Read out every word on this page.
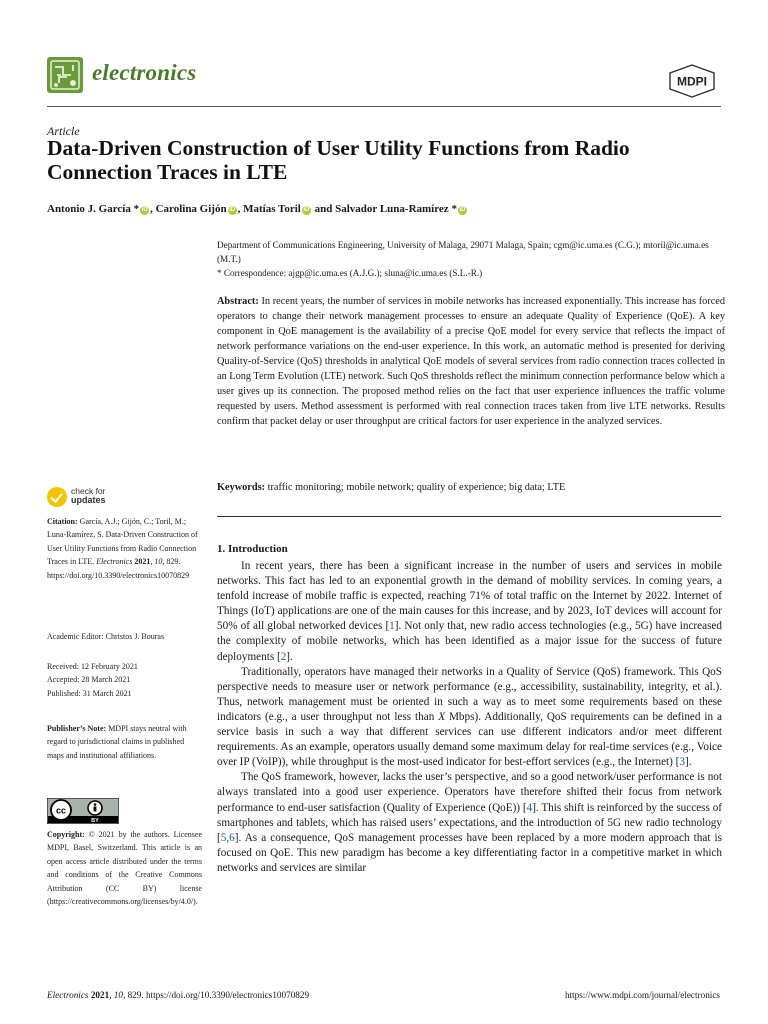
electronics	MDPI
Article
Data-Driven Construction of User Utility Functions from Radio Connection Traces in LTE
Antonio J. García * iD , Carolina Gijón iD , Matías Toril iD and Salvador Luna-Ramírez * iD
Department of Communications Engineering, University of Malaga, 29071 Malaga, Spain; cgm@ic.uma.es (C.G.); mtoril@ic.uma.es (M.T.)
* Correspondence: ajgp@ic.uma.es (A.J.G.); sluna@ic.uma.es (S.L.-R.)
Abstract: In recent years, the number of services in mobile networks has increased exponentially. This increase has forced operators to change their network management processes to ensure an adequate Quality of Experience (QoE). A key component in QoE management is the availability of a precise QoE model for every service that reflects the impact of network performance variations on the end-user experience. In this work, an automatic method is presented for deriving Quality-of-Service (QoS) thresholds in analytical QoE models of several services from radio connection traces collected in an Long Term Evolution (LTE) network. Such QoS thresholds reflect the minimum connection performance below which a user gives up its connection. The proposed method relies on the fact that user experience influences the traffic volume requested by users. Method assessment is performed with real connection traces taken from live LTE networks. Results confirm that packet delay or user throughput are critical factors for user experience in the analyzed services.
Keywords: traffic monitoring; mobile network; quality of experience; big data; LTE
check for
updates
Citation: García, A.J.; Gijón, C.; Toril, M.; Luna-Ramírez, S. Data-Driven Construction of User Utility Functions from Radio Connection Traces in LTE. Electronics 2021, 10, 829. https://doi.org/10.3390/electronics10070829
Academic Editor: Christos J. Bouras
Received: 12 February 2021
Accepted: 28 March 2021
Published: 31 March 2021
Publisher’s Note: MDPI stays neutral with regard to jurisdictional claims in published maps and institutional affiliations.
cc
BY
Copyright: © 2021 by the authors. Licensee MDPI, Basel, Switzerland. This article is an open access article distributed under the terms and conditions of the Creative Commons Attribution (CC BY) license (https://creativecommons.org/licenses/by/4.0/).
1. Introduction

In recent years, there has been a significant increase in the number of users and services in mobile networks. This fact has led to an exponential growth in the demand of mobility services. In coming years, a tenfold increase of mobile traffic is expected, reaching 71% of total traffic on the Internet by 2022. Internet of Things (IoT) applications are one of the main causes for this increase, and by 2023, IoT devices will account for 50% of all global networked devices [1]. Not only that, new radio access technologies (e.g., 5G) have increased the complexity of mobile networks, which has been identified as a major issue for the success of future deployments [2].

Traditionally, operators have managed their networks in a Quality of Service (QoS) framework. This QoS perspective needs to measure user or network performance (e.g., accessibility, sustainability, integrity, et al.). Thus, network management must be oriented in such a way as to meet some requirements based on these indicators (e.g., a user throughput not less than X Mbps). Additionally, QoS requirements can be defined in a service basis in such a way that different services can use different indicators and/or meet different requirements. As an example, operators usually demand some maximum delay for real-time services (e.g., Voice over IP (VoIP)), while throughput is the most-used indicator for best-effort services (e.g., the Internet) [3].

The QoS framework, however, lacks the user’s perspective, and so a good network/user performance is not always translated into a good user experience. Operators have therefore shifted their focus from network performance to end-user satisfaction (Quality of Experience (QoE)) [4]. This shift is reinforced by the success of smartphones and tablets, which has raised users’ expectations, and the introduction of 5G new radio technology [5,6]. As a consequence, QoS management processes have been replaced by a more modern approach that is focused on QoE. This new paradigm has become a key differentiating factor in a competitive market in which networks and services are similar

Electronics 2021, 10, 829. https://doi.org/10.3390/electronics10070829	https://www.mdpi.com/journal/electronics
